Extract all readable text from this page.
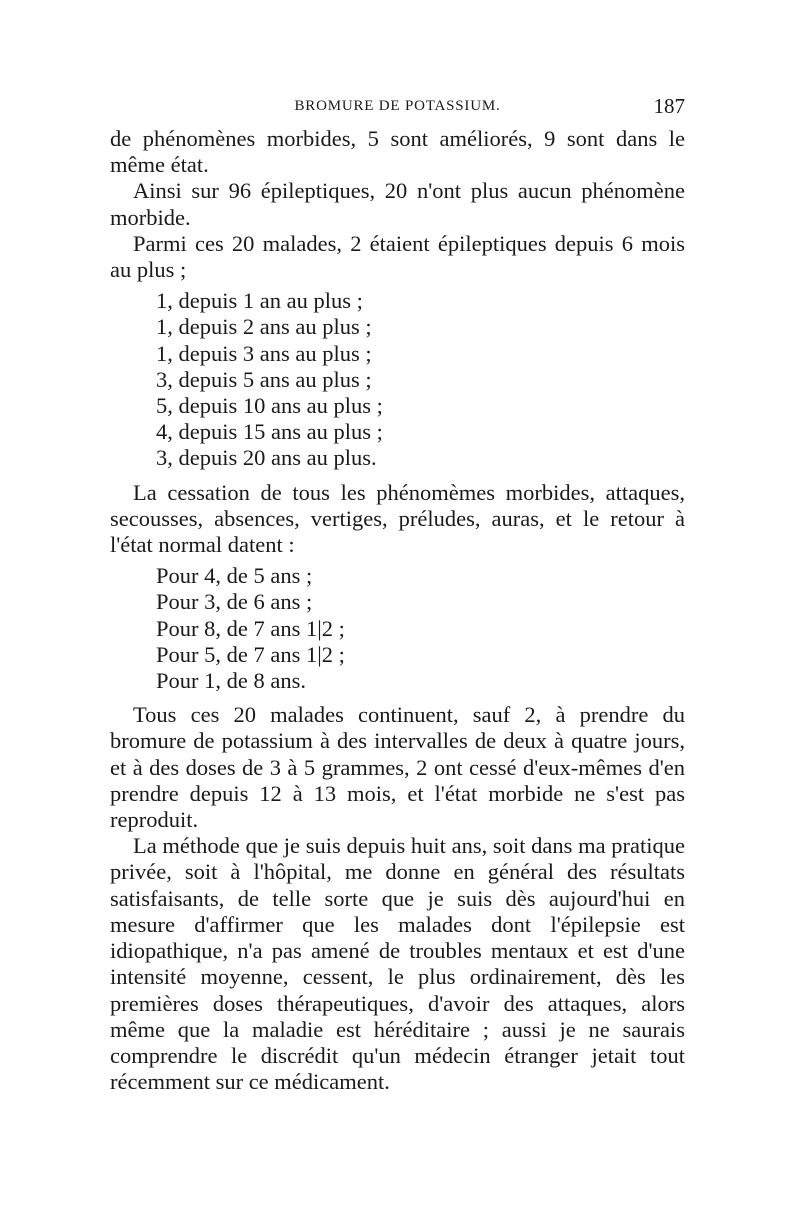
BROMURE DE POTASSIUM.	187

de phénomènes morbides, 5 sont améliorés, 9 sont dans le même état.

Ainsi sur 96 épileptiques, 20 n'ont plus aucun phénomène morbide.

Parmi ces 20 malades, 2 étaient épileptiques depuis 6 mois au plus ;

1, depuis 1 an au plus ;
1, depuis 2 ans au plus ;
1, depuis 3 ans au plus ;
3, depuis 5 ans au plus ;
5, depuis 10 ans au plus ;
4, depuis 15 ans au plus ;
3, depuis 20 ans au plus.

La cessation de tous les phénomèmes morbides, attaques, secousses, absences, vertiges, préludes, auras, et le retour à l'état normal datent :

Pour 4, de 5 ans ;
Pour 3, de 6 ans ;
Pour 8, de 7 ans 1|2 ;
Pour 5, de 7 ans 1|2 ;
Pour 1, de 8 ans.

Tous ces 20 malades continuent, sauf 2, à prendre du bromure de potassium à des intervalles de deux à quatre jours, et à des doses de 3 à 5 grammes, 2 ont cessé d'eux-mêmes d'en prendre depuis 12 à 13 mois, et l'état morbide ne s'est pas reproduit.

La méthode que je suis depuis huit ans, soit dans ma pratique privée, soit à l'hôpital, me donne en général des résultats satisfaisants, de telle sorte que je suis dès aujourd'hui en mesure d'affirmer que les malades dont l'épilepsie est idiopathique, n'a pas amené de troubles mentaux et est d'une intensité moyenne, cessent, le plus ordinairement, dès les premières doses thérapeutiques, d'avoir des attaques, alors même que la maladie est héréditaire ; aussi je ne saurais comprendre le discrédit qu'un médecin étranger jetait tout récemment sur ce médicament.
